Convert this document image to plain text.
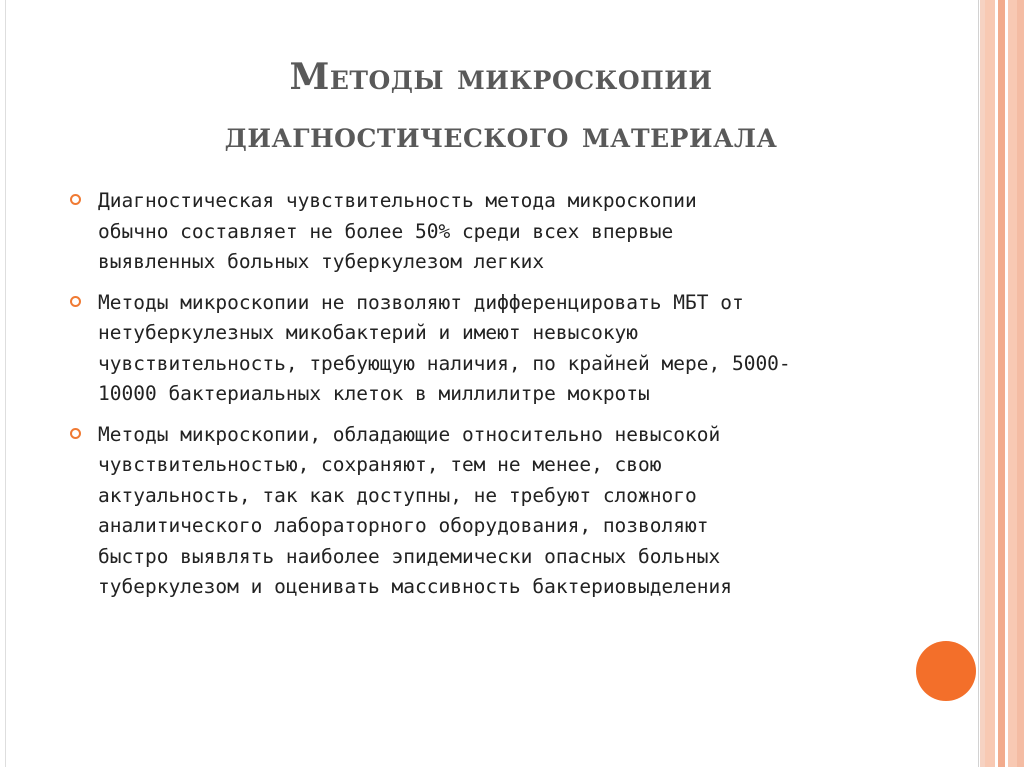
Методы микроскопии
диагностического материала
Диагностическая чувствительность метода микроскопии
обычно составляет не более 50% среди всех впервые
выявленных больных туберкулезом легких
Методы микроскопии не позволяют дифференцировать МБТ от
нетуберкулезных микобактерий и имеют невысокую
чувствительность, требующую наличия, по крайней мере, 5000-
10000 бактериальных клеток в миллилитре мокроты
Методы микроскопии, обладающие относительно невысокой
чувствительностью, сохраняют, тем не менее, свою
актуальность, так как доступны, не требуют сложного
аналитического лабораторного оборудования, позволяют
быстро выявлять наиболее эпидемически опасных больных
туберкулезом и оценивать массивность бактериовыделения
